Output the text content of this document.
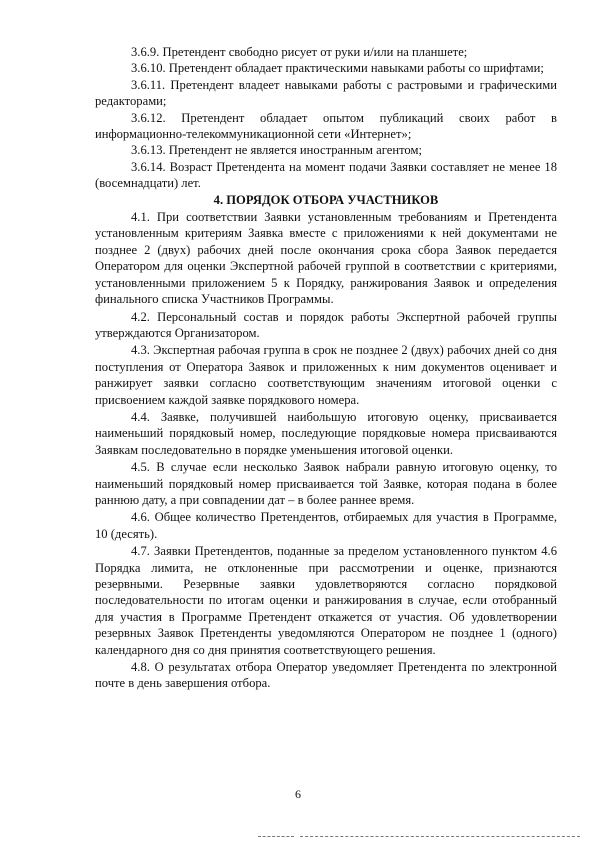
3.6.9. Претендент свободно рисует от руки и/или на планшете;

3.6.10. Претендент обладает практическими навыками работы со шрифтами;

3.6.11. Претендент владеет навыками работы с растровыми и графическими редакторами;

3.6.12. Претендент обладает опытом публикаций своих работ в информационно-телекоммуникационной сети «Интернет»;

3.6.13. Претендент не является иностранным агентом;

3.6.14. Возраст Претендента на момент подачи Заявки составляет не менее 18 (восемнадцати) лет.

4. ПОРЯДОК ОТБОРА УЧАСТНИКОВ

4.1. При соответствии Заявки установленным требованиям и Претендента установленным критериям Заявка вместе с приложениями к ней документами не позднее 2 (двух) рабочих дней после окончания срока сбора Заявок передается Оператором для оценки Экспертной рабочей группой в соответствии с критериями, установленными приложением 5 к Порядку, ранжирования Заявок и определения финального списка Участников Программы.

4.2. Персональный состав и порядок работы Экспертной рабочей группы утверждаются Организатором.

4.3. Экспертная рабочая группа в срок не позднее 2 (двух) рабочих дней со дня поступления от Оператора Заявок и приложенных к ним документов оценивает и ранжирует заявки согласно соответствующим значениям итоговой оценки с присвоением каждой заявке порядкового номера.

4.4. Заявке, получившей наибольшую итоговую оценку, присваивается наименьший порядковый номер, последующие порядковые номера присваиваются Заявкам последовательно в порядке уменьшения итоговой оценки.

4.5. В случае если несколько Заявок набрали равную итоговую оценку, то наименьший порядковый номер присваивается той Заявке, которая подана в более раннюю дату, а при совпадении дат – в более раннее время.

4.6. Общее количество Претендентов, отбираемых для участия в Программе, 10 (десять).

4.7. Заявки Претендентов, поданные за пределом установленного пунктом 4.6 Порядка лимита, не отклоненные при рассмотрении и оценке, признаются резервными. Резервные заявки удовлетворяются согласно порядковой последовательности по итогам оценки и ранжирования в случае, если отобранный для участия в Программе Претендент откажется от участия. Об удовлетворении резервных Заявок Претенденты уведомляются Оператором не позднее 1 (одного) календарного дня со дня принятия соответствующего решения.

4.8. О результатах отбора Оператор уведомляет Претендента по электронной почте в день завершения отбора.

6
